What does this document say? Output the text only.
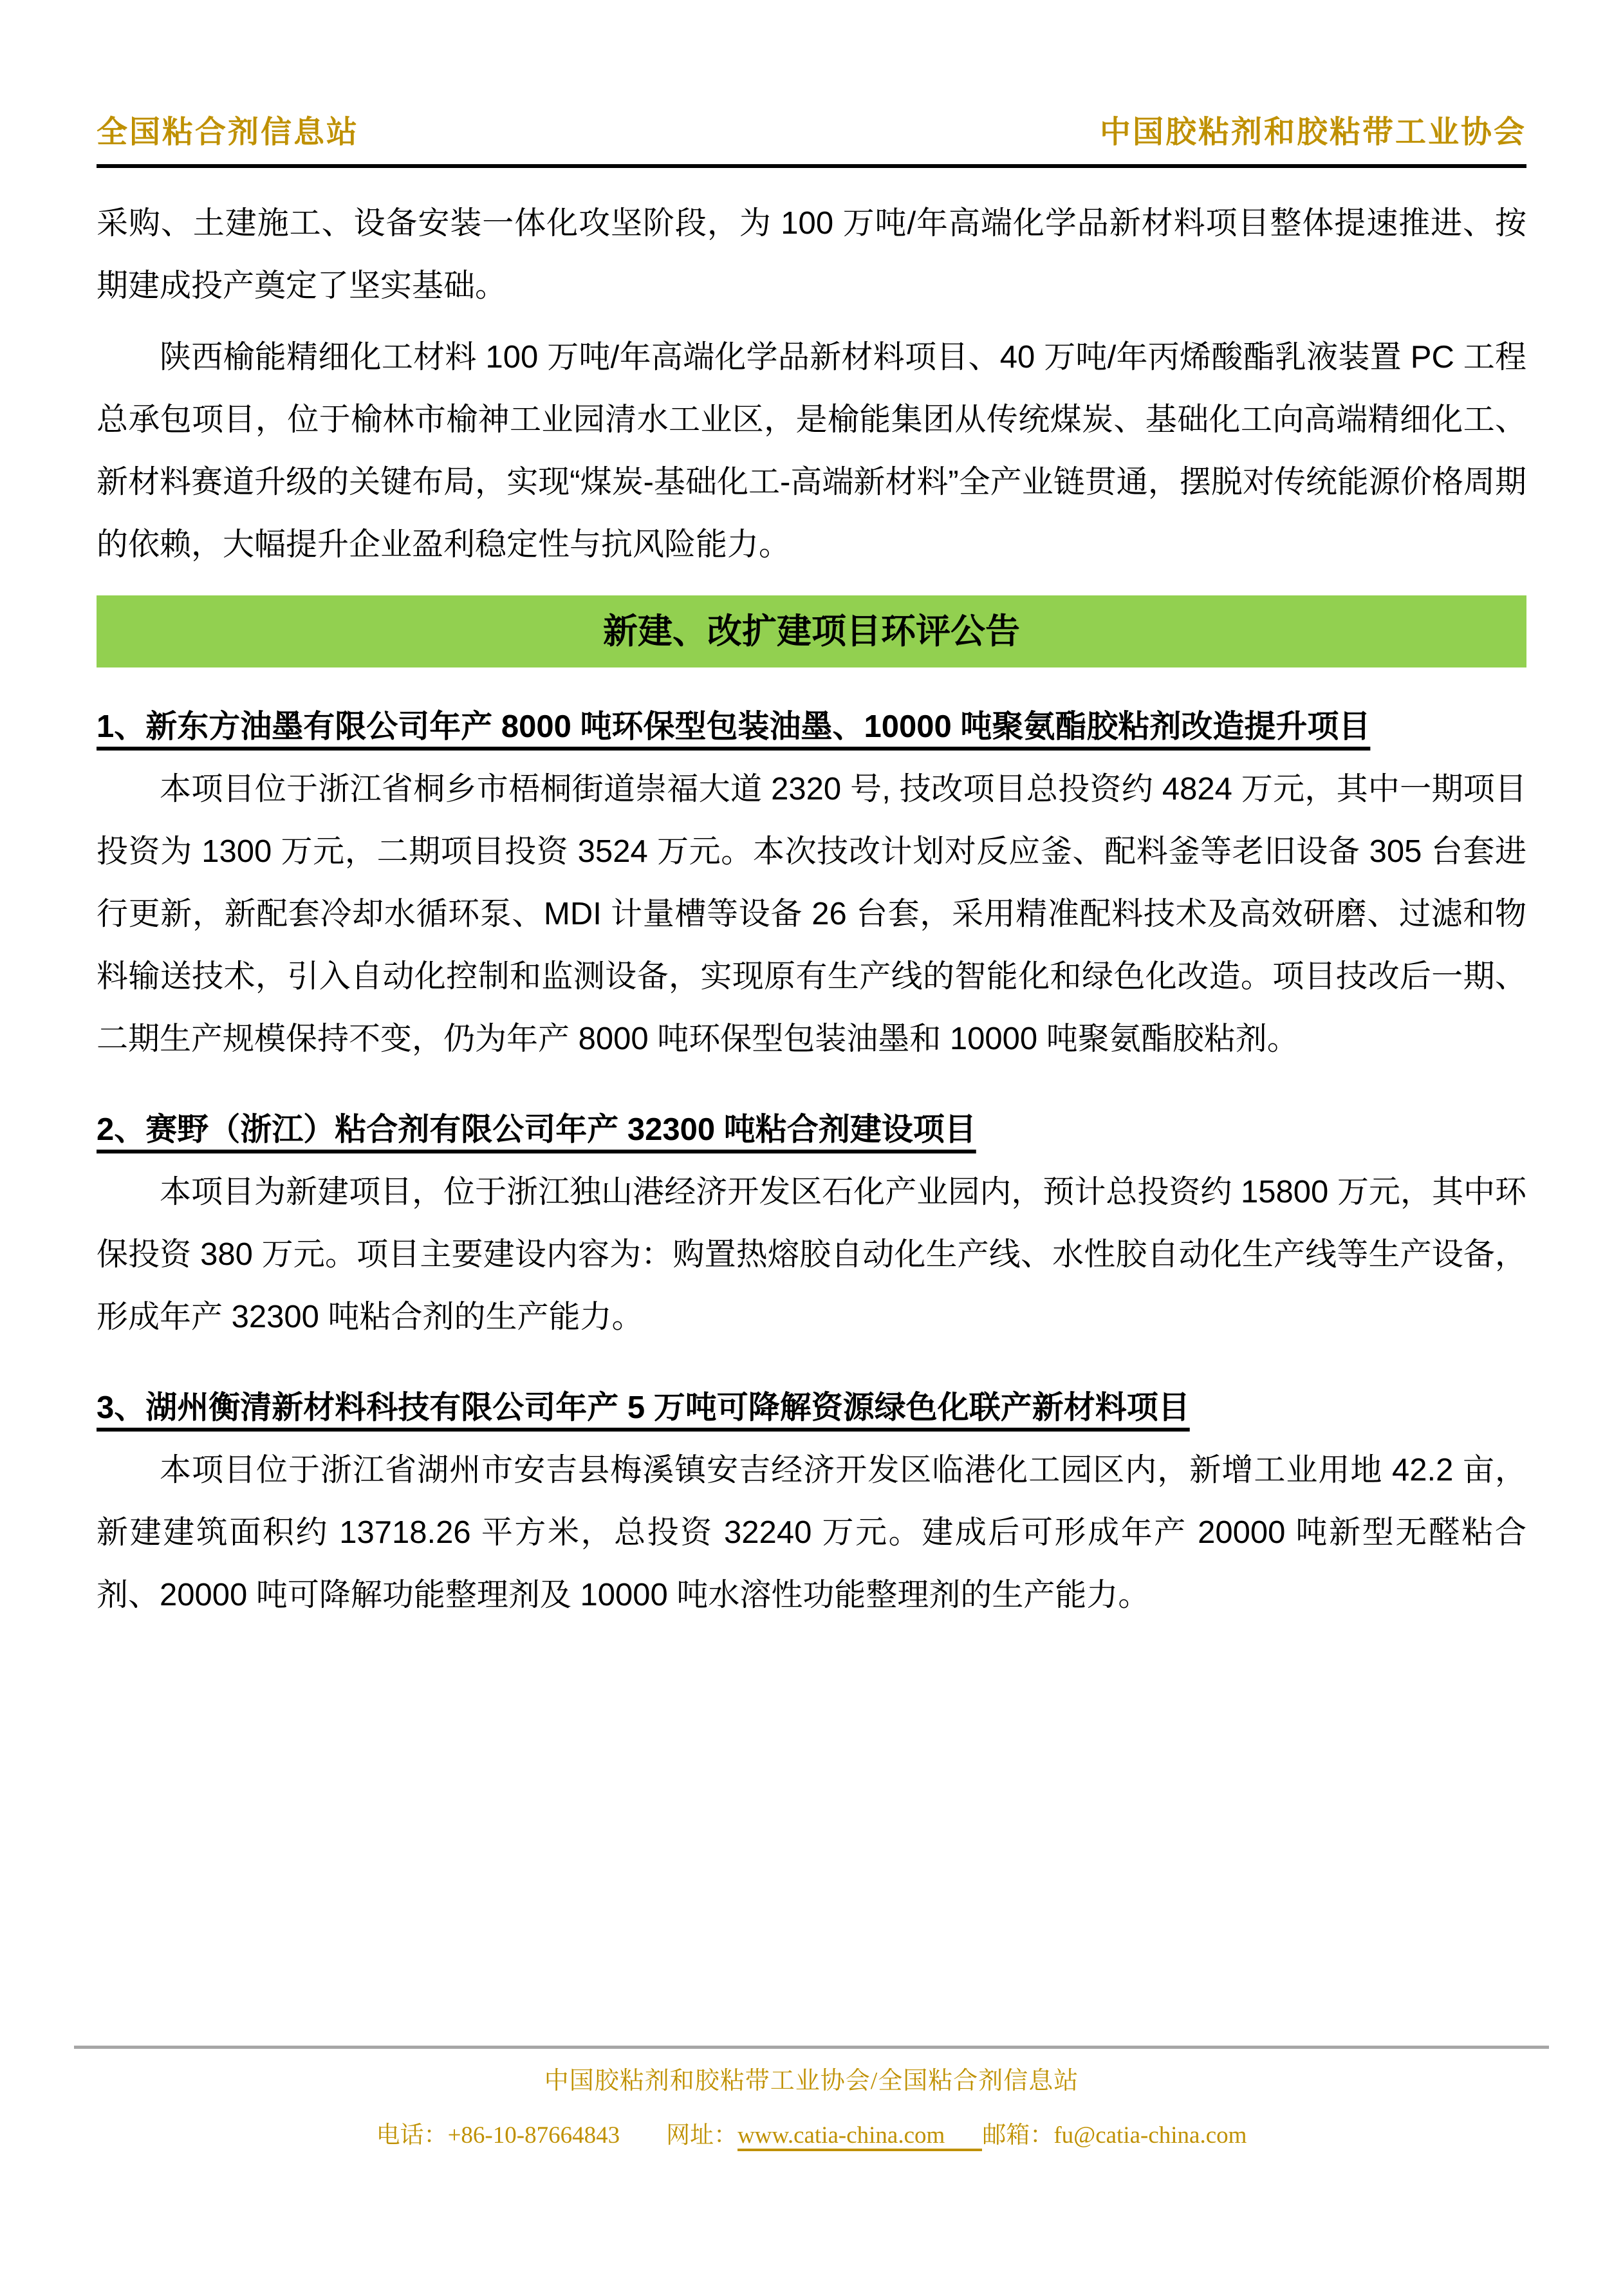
全国粘合剂信息站	中国胶粘剂和胶粘带工业协会

采购、土建施工、设备安装一体化攻坚阶段，为 100 万吨/年高端化学品新材料项目整体提速推进、按期建成投产奠定了坚实基础。

陕西榆能精细化工材料 100 万吨/年高端化学品新材料项目、40 万吨/年丙烯酸酯乳液装置 PC 工程总承包项目，位于榆林市榆神工业园清水工业区，是榆能集团从传统煤炭、基础化工向高端精细化工、新材料赛道升级的关键布局，实现“煤炭-基础化工-高端新材料”全产业链贯通，摆脱对传统能源价格周期的依赖，大幅提升企业盈利稳定性与抗风险能力。

新建、改扩建项目环评公告
1、新东方油墨有限公司年产 8000 吨环保型包装油墨、10000 吨聚氨酯胶粘剂改造提升项目

本项目位于浙江省桐乡市梧桐街道崇福大道 2320 号, 技改项目总投资约 4824 万元，其中一期项目投资为 1300 万元，二期项目投资 3524 万元。本次技改计划对反应釜、配料釜等老旧设备 305 台套进行更新，新配套冷却水循环泵、MDI 计量槽等设备 26 台套，采用精准配料技术及高效研磨、过滤和物料输送技术，引入自动化控制和监测设备，实现原有生产线的智能化和绿色化改造。项目技改后一期、二期生产规模保持不变，仍为年产 8000 吨环保型包装油墨和 10000 吨聚氨酯胶粘剂。

2、赛野（浙江）粘合剂有限公司年产 32300 吨粘合剂建设项目

本项目为新建项目，位于浙江独山港经济开发区石化产业园内，预计总投资约 15800 万元，其中环保投资 380 万元。项目主要建设内容为：购置热熔胶自动化生产线、水性胶自动化生产线等生产设备，形成年产 32300 吨粘合剂的生产能力。

3、湖州衡清新材料科技有限公司年产 5 万吨可降解资源绿色化联产新材料项目

本项目位于浙江省湖州市安吉县梅溪镇安吉经济开发区临港化工园区内，新增工业用地 42.2 亩，新建建筑面积约 13718.26 平方米，总投资 32240 万元。建成后可形成年产 20000 吨新型无醛粘合剂、20000 吨可降解功能整理剂及 10000 吨水溶性功能整理剂的生产能力。

中国胶粘剂和胶粘带工业协会/全国粘合剂信息站
电话：+86-10-87664843 网址：www.catia-china.com 邮箱：fu@catia-china.com
